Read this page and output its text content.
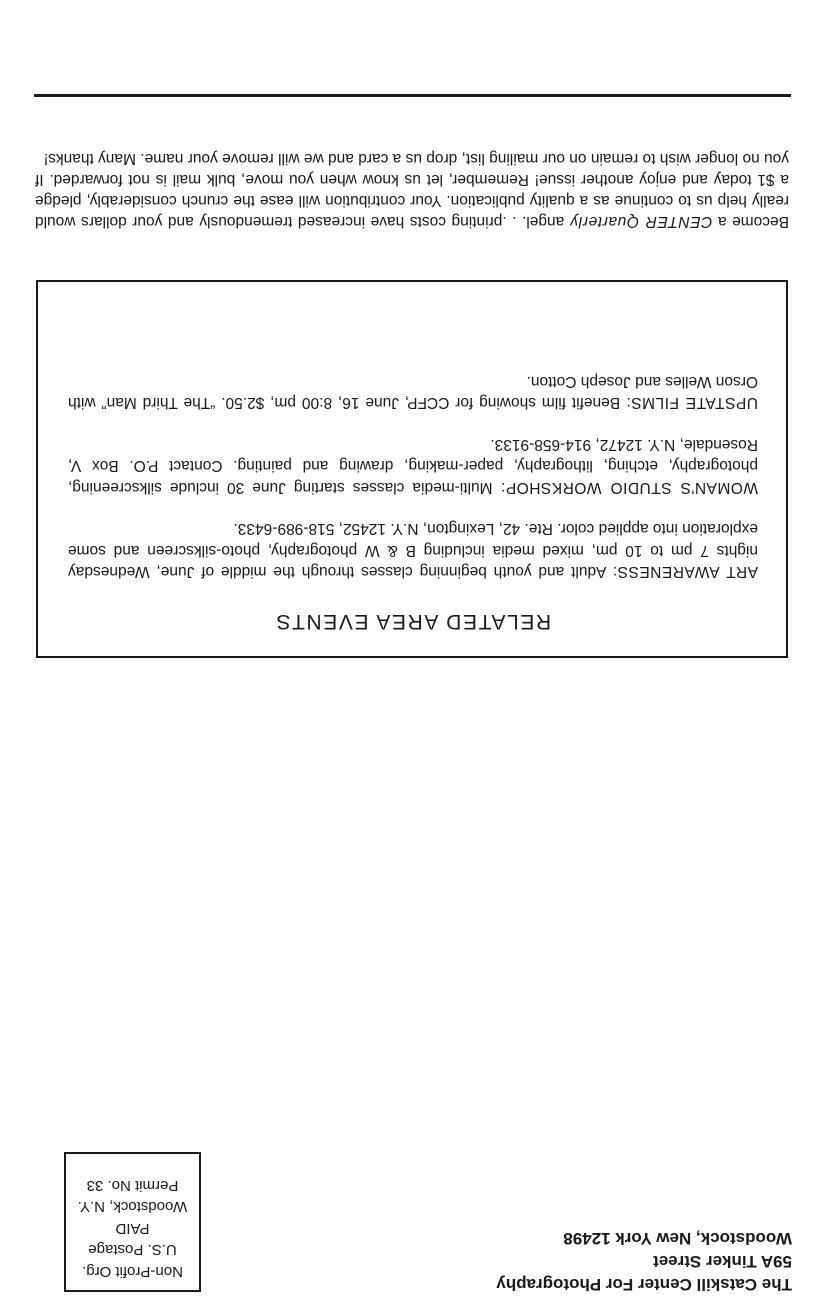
The Catskill Center For Photography
59A Tinker Street
Woodstock, New York 12498
Non-Profit Org.
U.S. Postage
PAID
Woodstock, N.Y.
Permit No. 33
RELATED AREA EVENTS

ART AWARENESS: Adult and youth beginning classes through the middle of June, Wednesday nights 7 pm to 10 pm, mixed media including B & W photography, photo-silkscreen and some exploration into applied color. Rte. 42, Lexington, N.Y. 12452, 518-989-6433.

WOMAN'S STUDIO WORKSHOP: Multi-media classes starting June 30 include silkscreening, photography, etching, lithography, paper-making, drawing and painting. Contact P.O. Box V, Rosendale, N.Y. 12472, 914-658-9133.

UPSTATE FILMS: Benefit film showing for CCFP, June 16, 8:00 pm, $2.50. “The Third Man” with Orson Welles and Joseph Cotton.

Become a CENTER Quarterly angel. . .printing costs have increased tremendously and your dollars would really help us to continue as a quality publication. Your contribution will ease the crunch considerably, pledge a $1 today and enjoy another issue! Remember, let us know when you move, bulk mail is not forwarded. If you no longer wish to remain on our mailing list, drop us a card and we will remove your name. Many thanks!
